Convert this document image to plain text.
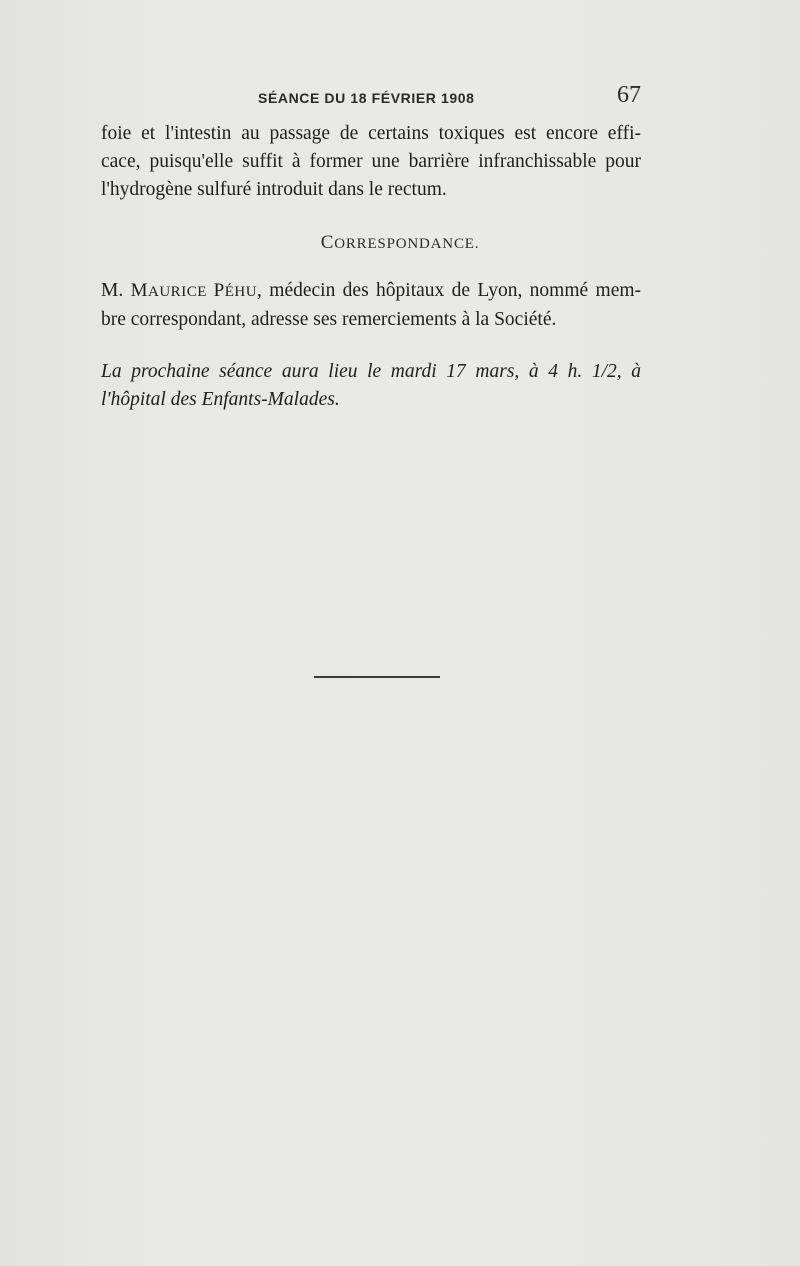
SÉANCE DU 18 FÉVRIER 1908	67

foie et l'intestin au passage de certains toxiques est encore effi-
cace, puisqu'elle suffit à former une barrière infranchissable pour
l'hydrogène sulfuré introduit dans le rectum.

CORRESPONDANCE.

M. MAURICE PÉHU, médecin des hôpitaux de Lyon, nommé mem-
bre correspondant, adresse ses remerciements à la Société.

La prochaine séance aura lieu le mardi 17 mars, à 4 h. 1/2, à
l'hôpital des Enfants-Malades.
